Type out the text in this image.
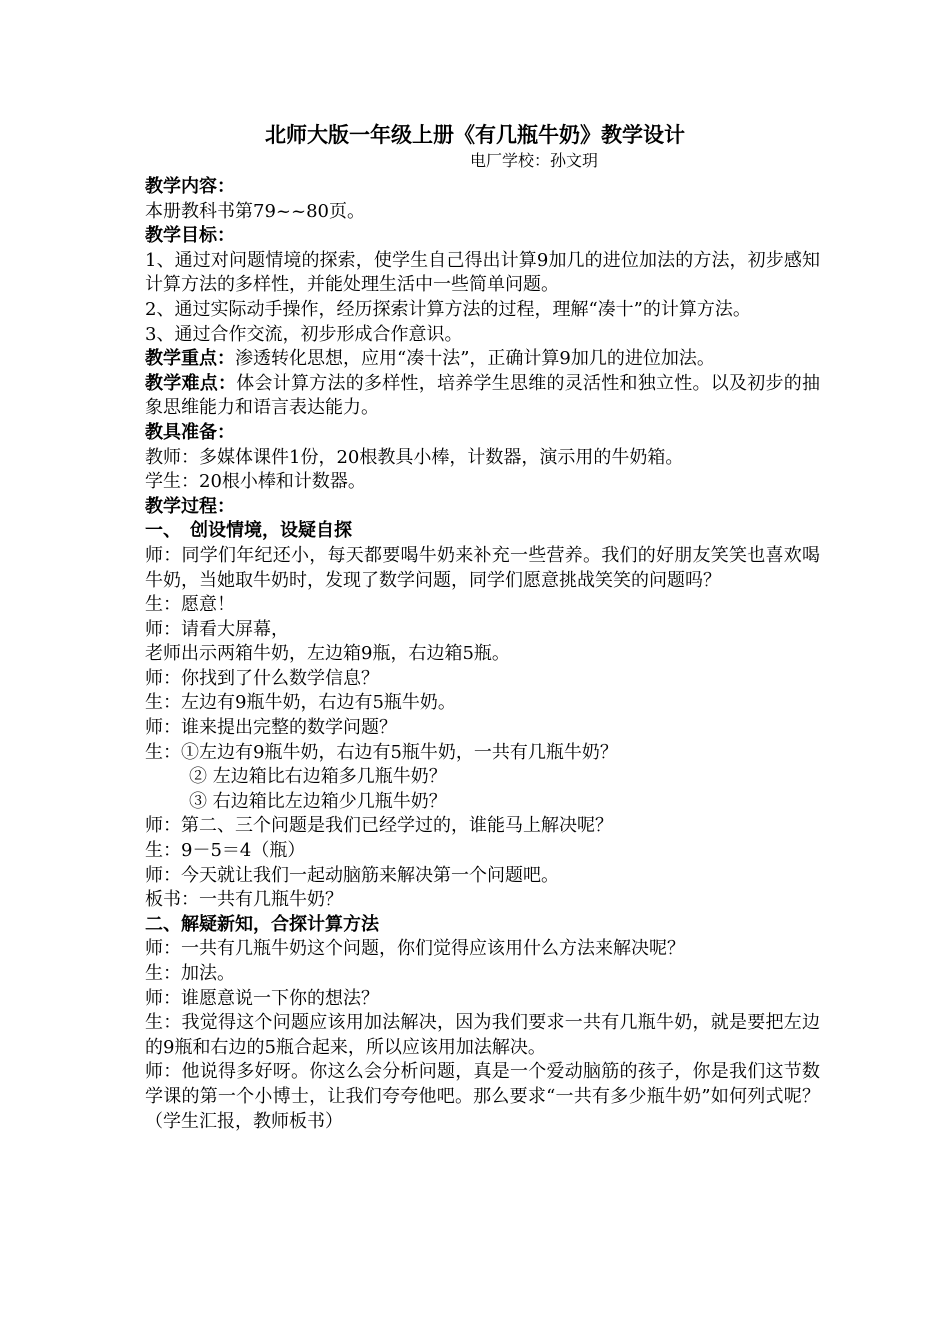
北师大版一年级上册《有几瓶牛奶》教学设计
电厂学校：孙文玥

教学内容：

本册教科书第79~~80页。

教学目标：

1、通过对问题情境的探索，使学生自己得出计算9加几的进位加法的方法，初步感知计算方法的多样性，并能处理生活中一些简单问题。

2、通过实际动手操作，经历探索计算方法的过程，理解“凑十”的计算方法。

3、通过合作交流，初步形成合作意识。

教学重点：渗透转化思想，应用“凑十法”，正确计算9加几的进位加法。

教学难点：体会计算方法的多样性，培养学生思维的灵活性和独立性。以及初步的抽象思维能力和语言表达能力。

教具准备：

教师：多媒体课件1份，20根教具小棒，计数器，演示用的牛奶箱。

学生：20根小棒和计数器。

教学过程：

一、　创设情境，设疑自探

师：同学们年纪还小，每天都要喝牛奶来补充一些营养。我们的好朋友笑笑也喜欢喝牛奶，当她取牛奶时，发现了数学问题，同学们愿意挑战笑笑的问题吗？

生：愿意！

师：请看大屏幕，

老师出示两箱牛奶，左边箱9瓶，右边箱5瓶。

师：你找到了什么数学信息？

生：左边有9瓶牛奶，右边有5瓶牛奶。

师：谁来提出完整的数学问题？

生：①左边有9瓶牛奶，右边有5瓶牛奶，一共有几瓶牛奶？

② 左边箱比右边箱多几瓶牛奶？

③ 右边箱比左边箱少几瓶牛奶？

师：第二、三个问题是我们已经学过的，谁能马上解决呢？

生：9－5＝4（瓶）

师：今天就让我们一起动脑筋来解决第一个问题吧。

板书：一共有几瓶牛奶？

二、解疑新知，合探计算方法

师：一共有几瓶牛奶这个问题，你们觉得应该用什么方法来解决呢？

生：加法。

师：谁愿意说一下你的想法？

生：我觉得这个问题应该用加法解决，因为我们要求一共有几瓶牛奶，就是要把左边的9瓶和右边的5瓶合起来，所以应该用加法解决。

师：他说得多好呀。你这么会分析问题，真是一个爱动脑筋的孩子，你是我们这节数学课的第一个小博士，让我们夸夸他吧。那么要求“一共有多少瓶牛奶”如何列式呢？（学生汇报，教师板书）
